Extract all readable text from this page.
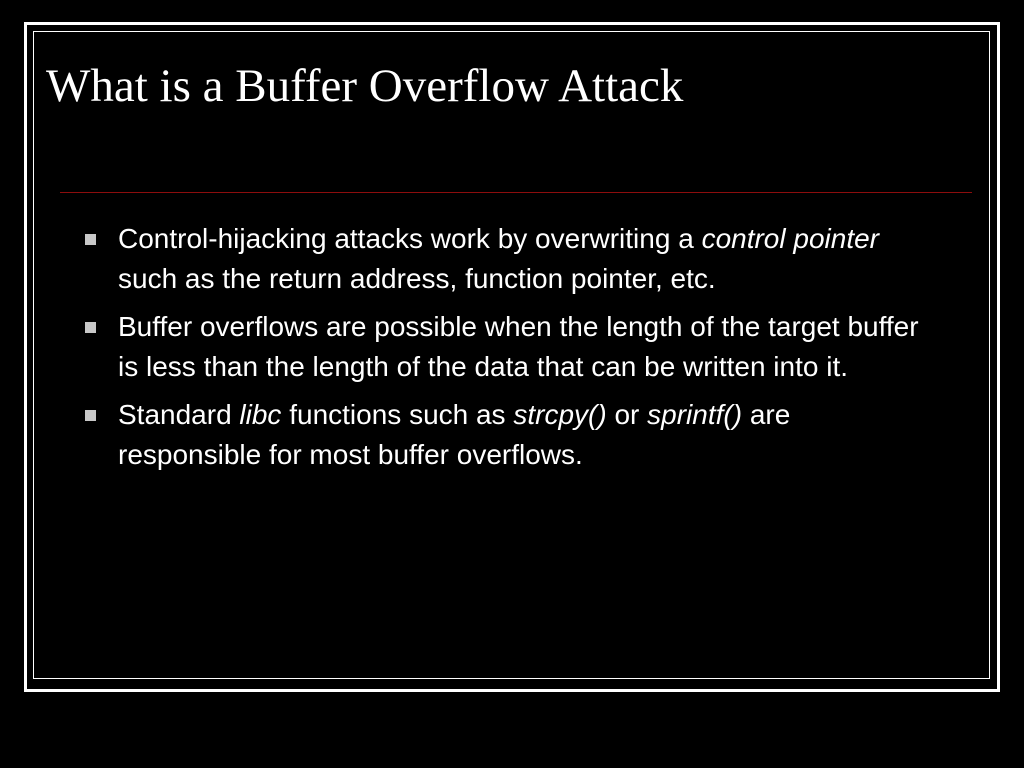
What is a Buffer Overflow Attack
Control-hijacking attacks work by overwriting a control pointer such as the return address, function pointer, etc.
Buffer overflows are possible when the length of the target buffer is less than the length of the data that can be written into it.
Standard libc functions such as strcpy() or sprintf() are responsible for most buffer overflows.
